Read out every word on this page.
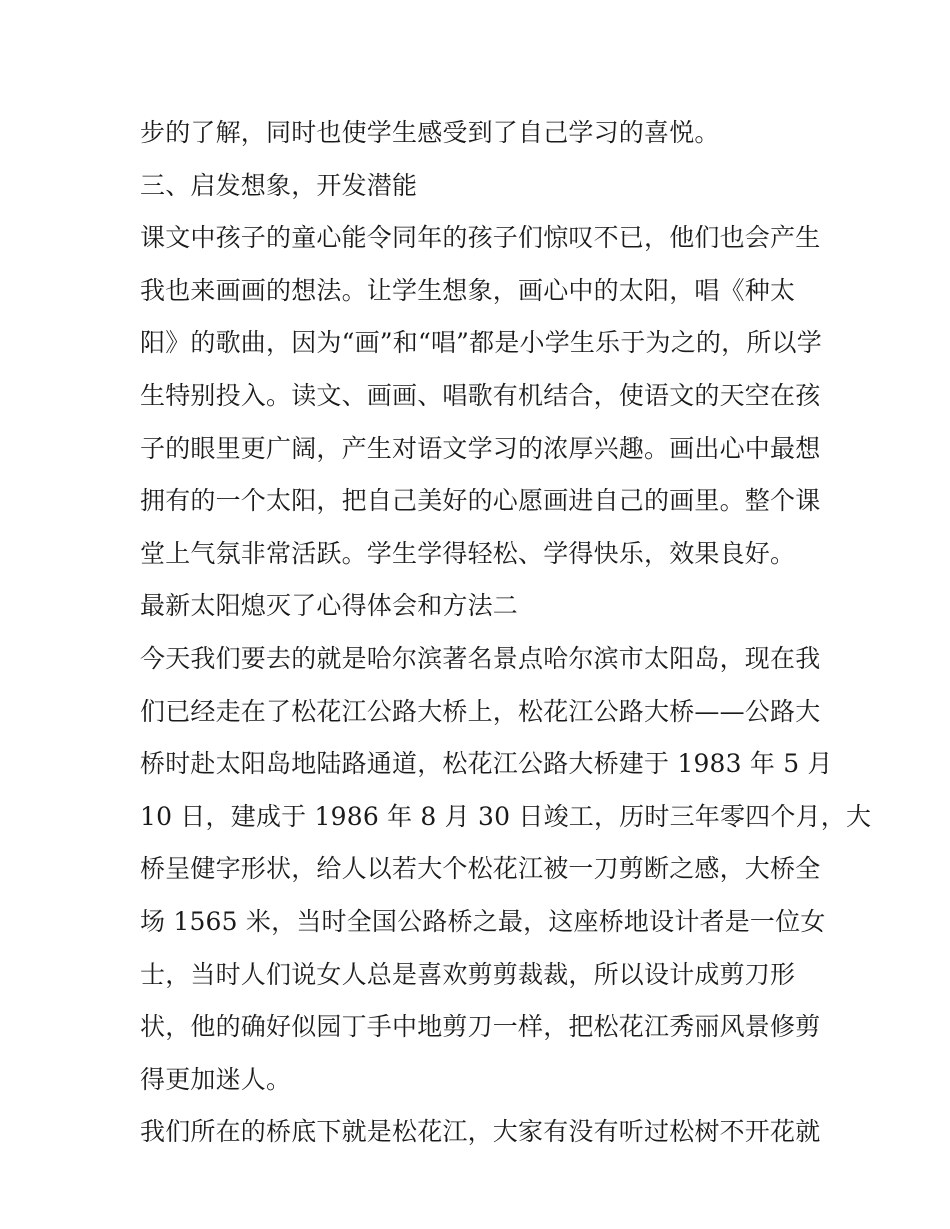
步的了解，同时也使学生感受到了自己学习的喜悦。
三、启发想象，开发潜能
课文中孩子的童心能令同年的孩子们惊叹不已，他们也会产生
我也来画画的想法。让学生想象，画心中的太阳，唱《种太
阳》的歌曲，因为“画”和“唱”都是小学生乐于为之的，所以学
生特别投入。读文、画画、唱歌有机结合，使语文的天空在孩
子的眼里更广阔，产生对语文学习的浓厚兴趣。画出心中最想
拥有的一个太阳，把自己美好的心愿画进自己的画里。整个课
堂上气氛非常活跃。学生学得轻松、学得快乐，效果良好。
最新太阳熄灭了心得体会和方法二
今天我们要去的就是哈尔滨著名景点哈尔滨市太阳岛，现在我
们已经走在了松花江公路大桥上，松花江公路大桥——公路大
桥时赴太阳岛地陆路通道，松花江公路大桥建于 1983 年 5 月
10 日，建成于 1986 年 8 月 30 日竣工，历时三年零四个月，大
桥呈健字形状，给人以若大个松花江被一刀剪断之感，大桥全
场 1565 米，当时全国公路桥之最，这座桥地设计者是一位女
士，当时人们说女人总是喜欢剪剪裁裁，所以设计成剪刀形
状，他的确好似园丁手中地剪刀一样，把松花江秀丽风景修剪
得更加迷人。
我们所在的桥底下就是松花江，大家有没有听过松树不开花就
